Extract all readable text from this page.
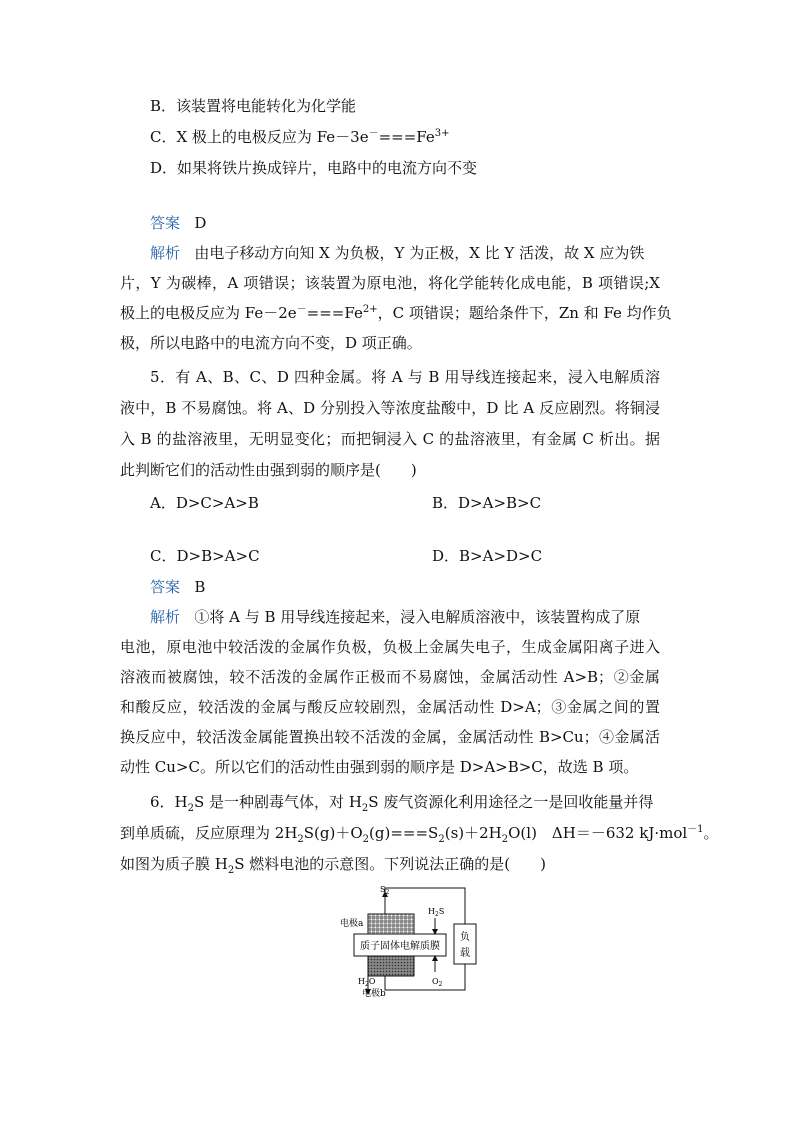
B．该装置将电能转化为化学能
C．X 极上的电极反应为 $Fe-3e^-===Fe^{3+}$
D．如果将铁片换成锌片，电路中的电流方向不变
答案 D
解析 由电子移动方向知 X 为负极，Y 为正极，X 比 Y 活泼，故 X 应为铁
片，Y 为碳棒，A 项错误；该装置为原电池，将化学能转化成电能，B 项错误;X
极上的电极反应为 $Fe-2e^-===Fe^{2+}$，C 项错误；题给条件下，Zn 和 Fe 均作负
极，所以电路中的电流方向不变，D 项正确。
5．有 A、B、C、D 四种金属。将 A 与 B 用导线连接起来，浸入电解质溶
液中，B 不易腐蚀。将 A、D 分别投入等浓度盐酸中，D 比 A 反应剧烈。将铜浸
入 B 的盐溶液里，无明显变化；而把铜浸入 C 的盐溶液里，有金属 C 析出。据
此判断它们的活动性由强到弱的顺序是(　　)
A．D>C>A>B	B．D>A>B>C
C．D>B>A>C	D．B>A>D>C
答案 B
解析 ①将 A 与 B 用导线连接起来，浸入电解质溶液中，该装置构成了原
电池，原电池中较活泼的金属作负极，负极上金属失电子，生成金属阳离子进入
溶液而被腐蚀，较不活泼的金属作正极而不易腐蚀，金属活动性 A>B；②金属
和酸反应，较活泼的金属与酸反应较剧烈，金属活动性 D>A；③金属之间的置
换反应中，较活泼金属能置换出较不活泼的金属，金属活动性 B>Cu；④金属活
动性 Cu>C。所以它们的活动性由强到弱的顺序是 D>A>B>C，故选 B 项。
6．$H_2S$ 是一种剧毒气体，对 $H_2S$ 废气资源化利用途径之一是回收能量并得
到单质硫，反应原理为 $2H_2S(g)+O_2(g)===S_2(s)+2H_2O(l)$　ΔH＝－632 kJ·mol$^{-1}$。
如图为质子膜 $H_2S$ 燃料电池的示意图。下列说法正确的是(　　)
负
载
质子固体电解质膜
$S_2$
$H_2S$
电极a
$H_2O$
电极b
$O_2$
